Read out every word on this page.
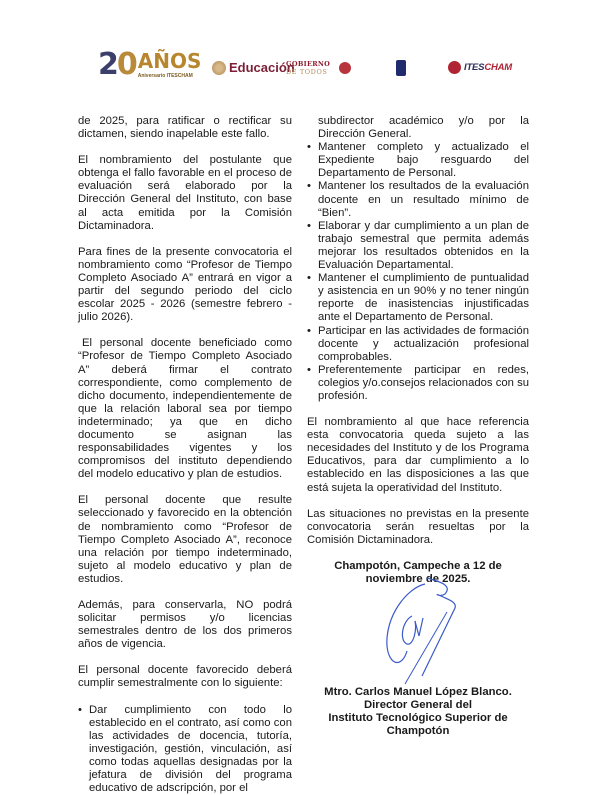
20 AÑOS
Aniversario ITESCHAM
Educación
GOBIERNO
DE TODOS	ITESCHAM

de 2025, para ratificar o rectificar su dictamen, siendo inapelable este fallo.

El nombramiento del postulante que obtenga el fallo favorable en el proceso de evaluación será elaborado por la Dirección General del Instituto, con base al acta emitida por la Comisión Dictaminadora.

Para fines de la presente convocatoria el nombramiento como “Profesor de Tiempo Completo Asociado A” entrará en vigor a partir del segundo periodo del ciclo escolar 2025 - 2026 (semestre febrero - julio 2026).

El personal docente beneficiado como “Profesor de Tiempo Completo Asociado A” deberá firmar el contrato correspondiente, como complemento de dicho documento, independientemente de que la relación laboral sea por tiempo indeterminado; ya que en dicho documento se asignan las responsabilidades vigentes y los compromisos del instituto dependiendo del modelo educativo y plan de estudios.

El personal docente que resulte seleccionado y favorecido en la obtención de nombramiento como “Profesor de Tiempo Completo Asociado A”, reconoce una relación por tiempo indeterminado, sujeto al modelo educativo y plan de estudios.

Además, para conservarla, NO podrá solicitar permisos y/o licencias semestrales dentro de los dos primeros años de vigencia.

El personal docente favorecido deberá cumplir semestralmente con lo siguiente:

• Dar cumplimiento con todo lo establecido en el contrato, así como con las actividades de docencia, tutoría, investigación, gestión, vinculación, así como todas aquellas designadas por la jefatura de división del programa educativo de adscripción, por el
subdirector académico y/o por la Dirección General.
• Mantener completo y actualizado el Expediente bajo resguardo del Departamento de Personal.
• Mantener los resultados de la evaluación docente en un resultado mínimo de “Bien”.
• Elaborar y dar cumplimiento a un plan de trabajo semestral que permita además mejorar los resultados obtenidos en la Evaluación Departamental.
• Mantener el cumplimiento de puntualidad y asistencia en un 90% y no tener ningún reporte de inasistencias injustificadas ante el Departamento de Personal.
• Participar en las actividades de formación docente y actualización profesional comprobables.
• Preferentemente participar en redes, colegios y/o.consejos relacionados con su profesión.

El nombramiento al que hace referencia esta convocatoria queda sujeto a las necesidades del Instituto y de los Programa Educativos, para dar cumplimiento a lo establecido en las disposiciones a las que está sujeta la operatividad del Instituto.

Las situaciones no previstas en la presente convocatoria serán resueltas por la Comisión Dictaminadora.

Champotón, Campeche a 12 de
noviembre de 2025.
Mtro. Carlos Manuel López Blanco.
Director General del
Instituto Tecnológico Superior de
Champotón
